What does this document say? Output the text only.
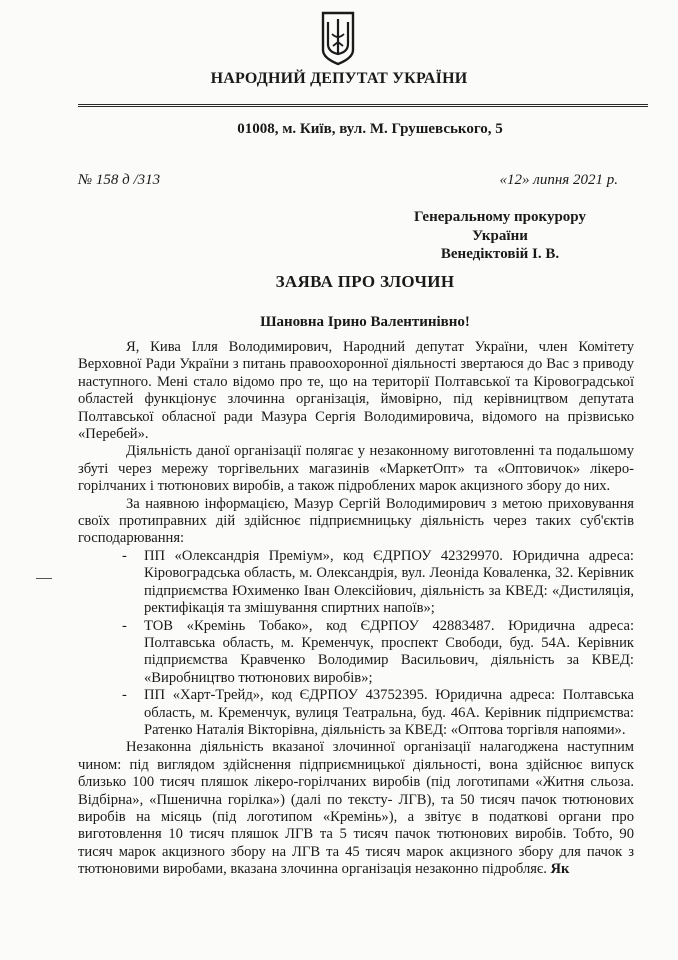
НАРОДНИЙ ДЕПУТАТ УКРАЇНИ
01008, м. Київ, вул. М. Грушевського, 5
№ 158 д /313	«12» липня 2021 р.
Генеральному прокурору
України
Венедіктовій І. В.
ЗАЯВА ПРО ЗЛОЧИН
Шановна Ірино Валентинівно!

Я, Кива Ілля Володимирович, Народний депутат України, член Комітету Верховної Ради України з питань правоохоронної діяльності звертаюся до Вас з приводу наступного. Мені стало відомо про те, що на території Полтавської та Кіровоградської областей функціонує злочинна організація, ймовірно, під керівництвом депутата Полтавської обласної ради Мазура Сергія Володимировича, відомого на прізвисько «Перебей».

Діяльність даної організації полягає у незаконному виготовленні та подальшому збуті через мережу торгівельних магазинів «МаркетОпт» та «Оптовичок» лікеро-горілчаних і тютюнових виробів, а також підроблених марок акцизного збору до них.

За наявною інформацією, Мазур Сергій Володимирович з метою приховування своїх протиправних дій здійснює підприємницьку діяльність через таких суб'єктів господарювання:

- ПП «Олександрія Преміум», код ЄДРПОУ 42329970. Юридична адреса: Кіровоградська область, м. Олександрія, вул. Леоніда Коваленка, 32. Керівник підприємства Юхименко Іван Олексійович, діяльність за КВЕД: «Дистиляція, ректифікація та змішування спиртних напоїв»;
- ТОВ «Кремінь Тобако», код ЄДРПОУ 42883487. Юридична адреса: Полтавська область, м. Кременчук, проспект Свободи, буд. 54А. Керівник підприємства Кравченко Володимир Васильович, діяльність за КВЕД: «Виробництво тютюнових виробів»;
- ПП «Харт-Трейд», код ЄДРПОУ 43752395. Юридична адреса: Полтавська область, м. Кременчук, вулиця Театральна, буд. 46А. Керівник підприємства: Ратенко Наталія Вікторівна, діяльність за КВЕД: «Оптова торгівля напоями».

Незаконна діяльність вказаної злочинної організації налагоджена наступним чином: під виглядом здійснення підприємницької діяльності, вона здійснює випуск близько 100 тисяч пляшок лікеро-горілчаних виробів (під логотипами «Житня сльоза. Відбірна», «Пшенична горілка») (далі по тексту- ЛГВ), та 50 тисяч пачок тютюнових виробів на місяць (під логотипом «Кремінь»), а звітує в податкові органи про виготовлення 10 тисяч пляшок ЛГВ та 5 тисяч пачок тютюнових виробів. Тобто, 90 тисяч марок акцизного збору на ЛГВ та 45 тисяч марок акцизного збору для пачок з тютюновими виробами, вказана злочинна організація незаконно підробляє. Як
